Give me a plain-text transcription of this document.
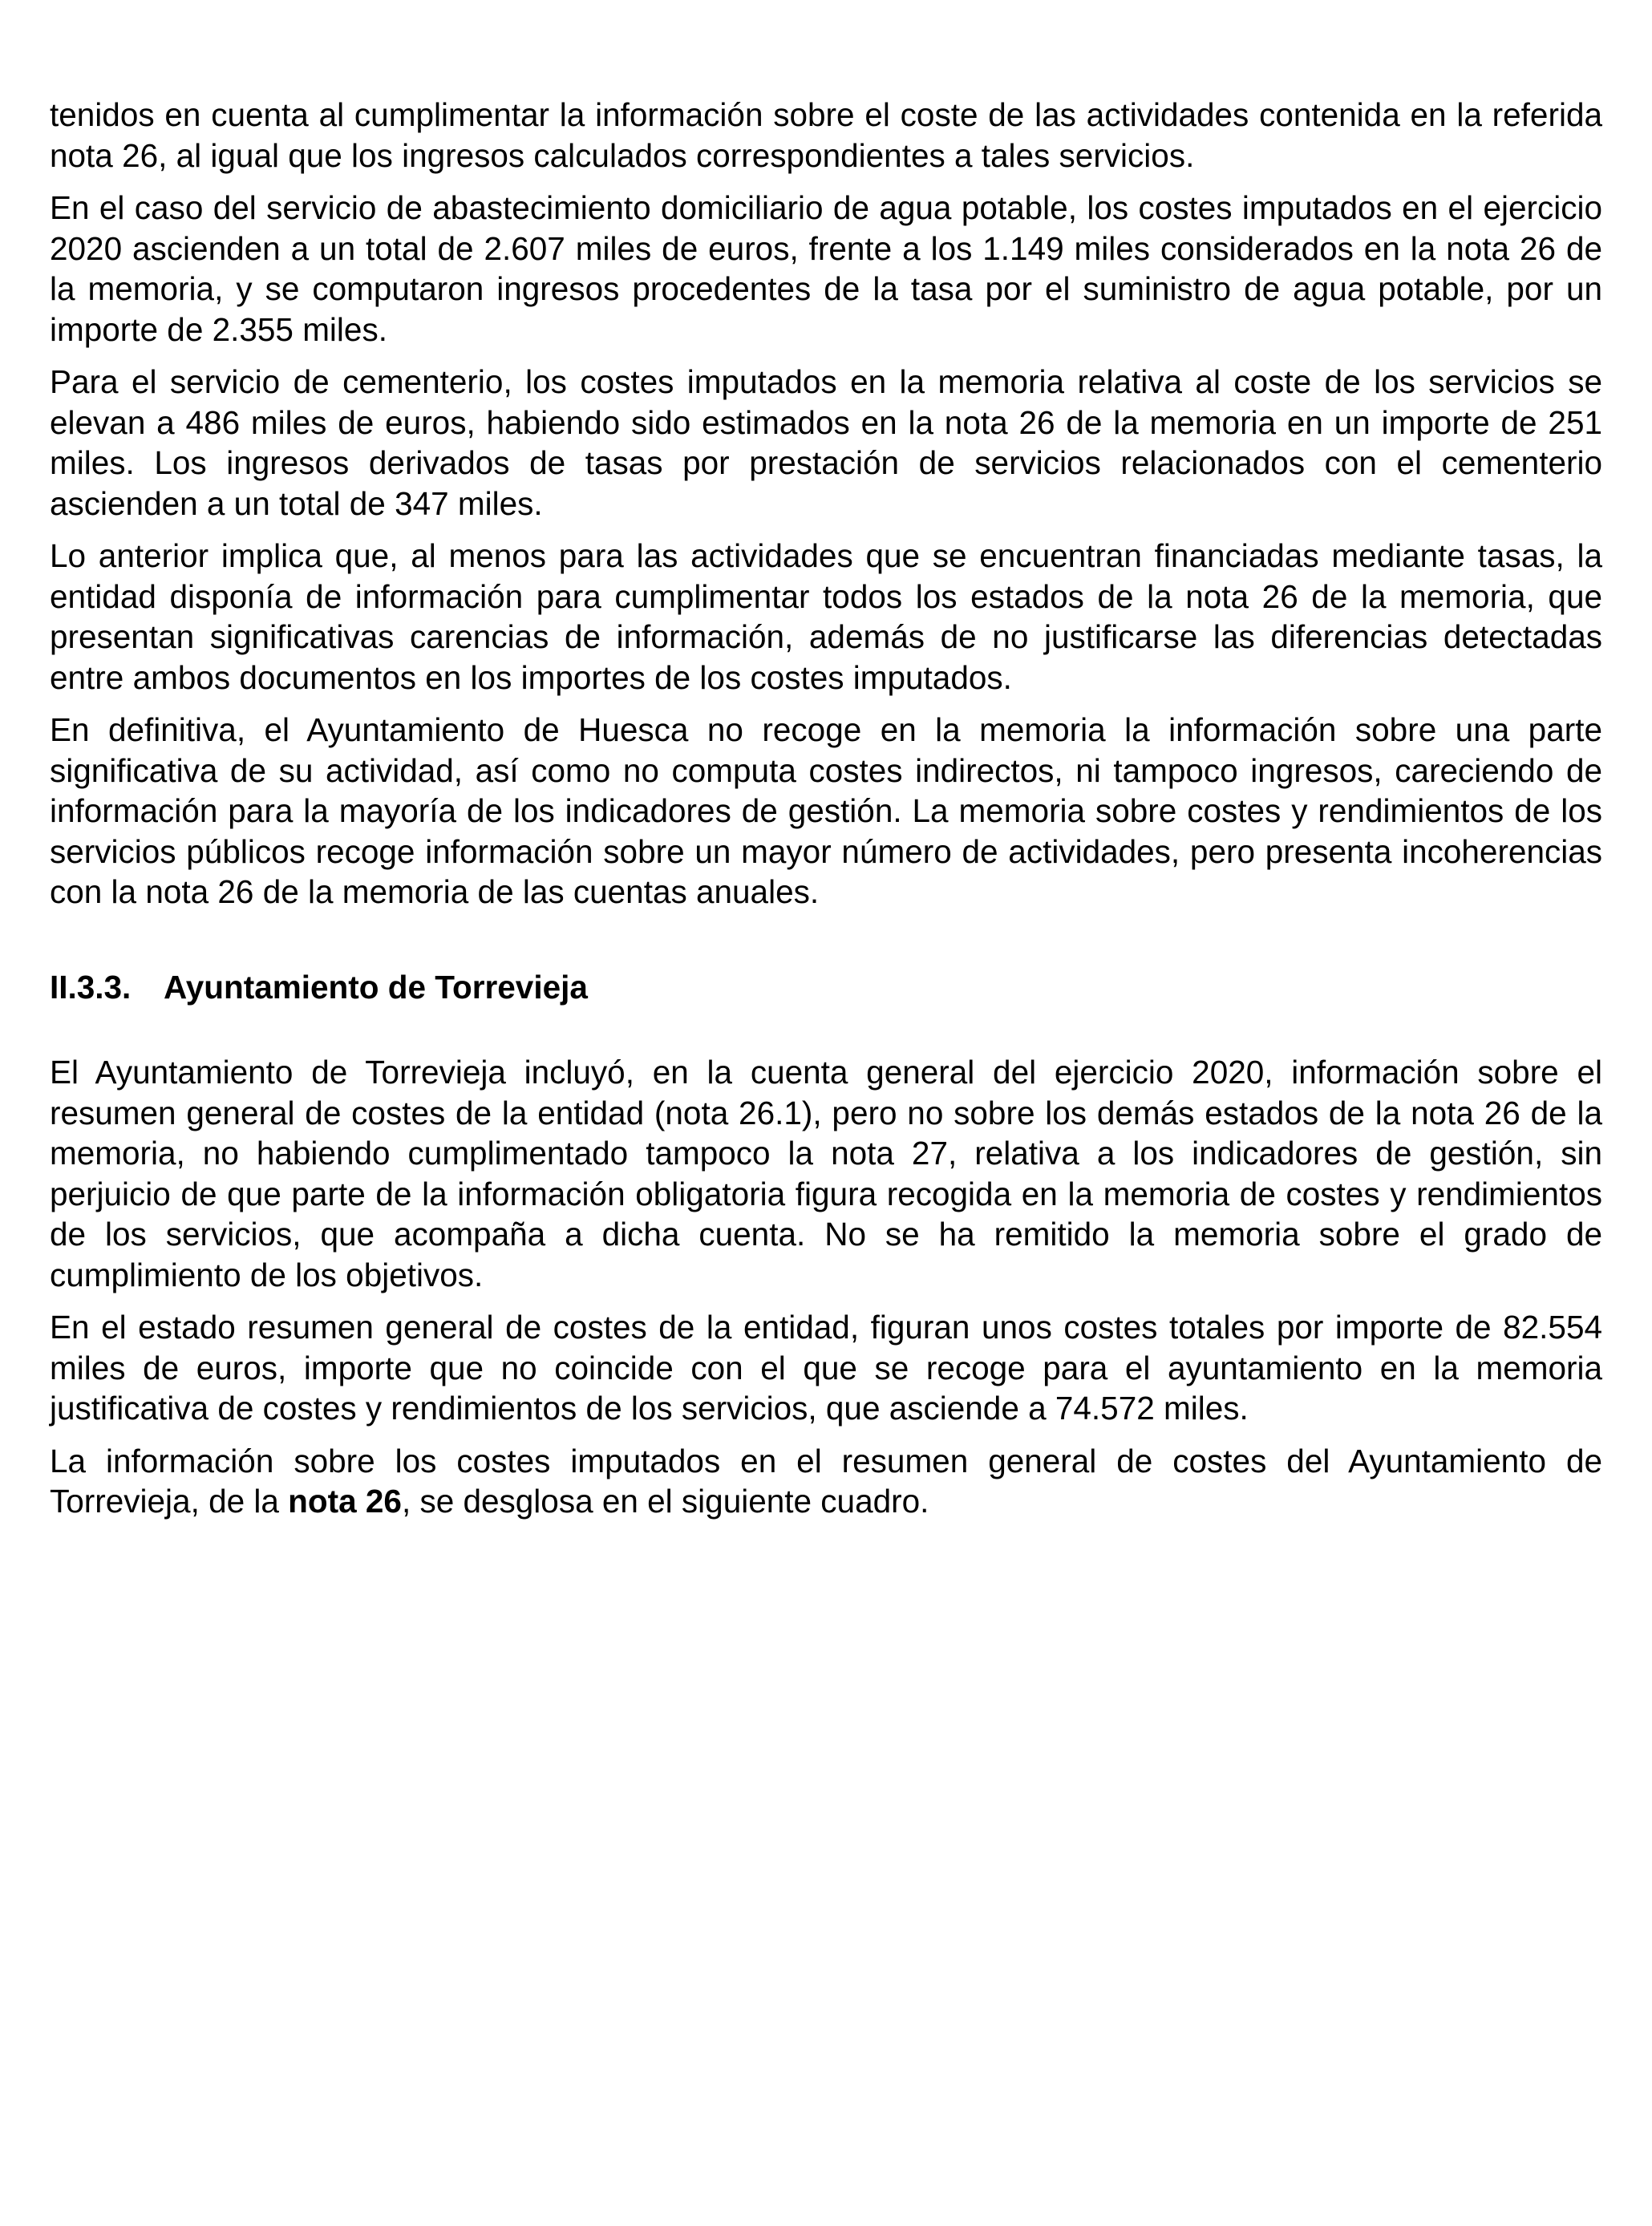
tenidos en cuenta al cumplimentar la información sobre el coste de las actividades contenida en la referida nota 26, al igual que los ingresos calculados correspondientes a tales servicios.

En el caso del servicio de abastecimiento domiciliario de agua potable, los costes imputados en el ejercicio 2020 ascienden a un total de 2.607 miles de euros, frente a los 1.149 miles considerados en la nota 26 de la memoria, y se computaron ingresos procedentes de la tasa por el suministro de agua potable, por un importe de 2.355 miles.

Para el servicio de cementerio, los costes imputados en la memoria relativa al coste de los servicios se elevan a 486 miles de euros, habiendo sido estimados en la nota 26 de la memoria en un importe de 251 miles. Los ingresos derivados de tasas por prestación de servicios relacionados con el cementerio ascienden a un total de 347 miles.

Lo anterior implica que, al menos para las actividades que se encuentran financiadas mediante tasas, la entidad disponía de información para cumplimentar todos los estados de la nota 26 de la memoria, que presentan significativas carencias de información, además de no justificarse las diferencias detectadas entre ambos documentos en los importes de los costes imputados.

En definitiva, el Ayuntamiento de Huesca no recoge en la memoria la información sobre una parte significativa de su actividad, así como no computa costes indirectos, ni tampoco ingresos, careciendo de información para la mayoría de los indicadores de gestión. La memoria sobre costes y rendimientos de los servicios públicos recoge información sobre un mayor número de actividades, pero presenta incoherencias con la nota 26 de la memoria de las cuentas anuales.

II.3.3. Ayuntamiento de Torrevieja

El Ayuntamiento de Torrevieja incluyó, en la cuenta general del ejercicio 2020, información sobre el resumen general de costes de la entidad (nota 26.1), pero no sobre los demás estados de la nota 26 de la memoria, no habiendo cumplimentado tampoco la nota 27, relativa a los indicadores de gestión, sin perjuicio de que parte de la información obligatoria figura recogida en la memoria de costes y rendimientos de los servicios, que acompaña a dicha cuenta. No se ha remitido la memoria sobre el grado de cumplimiento de los objetivos.

En el estado resumen general de costes de la entidad, figuran unos costes totales por importe de 82.554 miles de euros, importe que no coincide con el que se recoge para el ayuntamiento en la memoria justificativa de costes y rendimientos de los servicios, que asciende a 74.572 miles.

La información sobre los costes imputados en el resumen general de costes del Ayuntamiento de Torrevieja, de la nota 26, se desglosa en el siguiente cuadro.
